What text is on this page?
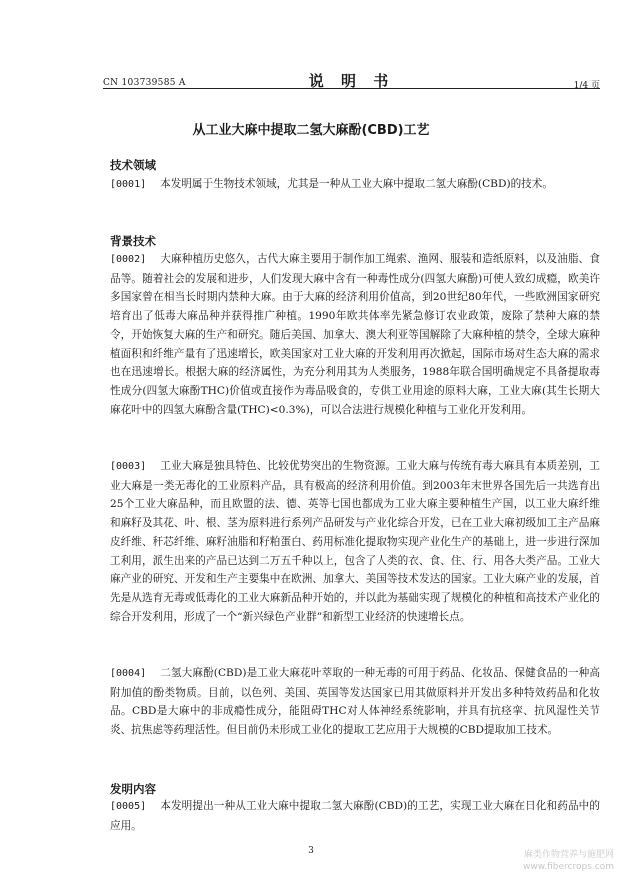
CN 103739585 A	说 明 书	1/4 页
从工业大麻中提取二氢大麻酚(CBD)工艺
技术领域
[0001] 本发明属于生物技术领域，尤其是一种从工业大麻中提取二氢大麻酚(CBD)的技术。
背景技术
[0002] 大麻种植历史悠久，古代大麻主要用于制作加工绳索、渔网、服装和造纸原料，以及油脂、食品等。随着社会的发展和进步，人们发现大麻中含有一种毒性成分(四氢大麻酚)可使人致幻成瘾，欧美许多国家曾在相当长时期内禁种大麻。由于大麻的经济利用价值高，到20世纪80年代，一些欧洲国家研究培育出了低毒大麻品种并获得推广种植。1990年欧共体率先紧急修订农业政策，废除了禁种大麻的禁令，开始恢复大麻的生产和研究。随后美国、加拿大、澳大利亚等国解除了大麻种植的禁令，全球大麻种植面积和纤维产量有了迅速增长，欧美国家对工业大麻的开发利用再次掀起，国际市场对生态大麻的需求也在迅速增长。根据大麻的经济属性，为充分利用其为人类服务，1988年联合国明确规定不具备提取毒性成分(四氢大麻酚THC)价值或直接作为毒品吸食的，专供工业用途的原料大麻，工业大麻(其生长期大麻花叶中的四氢大麻酚含量(THC)<0.3%)，可以合法进行规模化种植与工业化开发利用。
[0003] 工业大麻是独具特色、比较优势突出的生物资源。工业大麻与传统有毒大麻具有本质差别，工业大麻是一类无毒化的工业原料产品，具有极高的经济利用价值。到2003年末世界各国先后一共选育出25个工业大麻品种，而且欧盟的法、德、英等七国也都成为工业大麻主要种植生产国，以工业大麻纤维和麻籽及其花、叶、根、茎为原料进行系列产品研发与产业化综合开发，已在工业大麻初级加工主产品麻皮纤维、秆芯纤维、麻籽油脂和籽粕蛋白、药用标准化提取物实现产业化生产的基础上，进一步进行深加工利用，派生出来的产品已达到二万五千种以上，包含了人类的衣、食、住、行、用各大类产品。工业大麻产业的研究、开发和生产主要集中在欧洲、加拿大、美国等技术发达的国家。工业大麻产业的发展，首先是从选育无毒或低毒化的工业大麻新品种开始的，并以此为基础实现了规模化的种植和高技术产业化的综合开发利用，形成了一个“新兴绿色产业群”和新型工业经济的快速增长点。
[0004] 二氢大麻酚(CBD)是工业大麻花叶萃取的一种无毒的可用于药品、化妆品、保健食品的一种高附加值的酚类物质。目前，以色列、美国、英国等发达国家已用其做原料并开发出多种特效药品和化妆品。CBD是大麻中的非成瘾性成分，能阻碍THC对人体神经系统影响，并具有抗痉挛、抗风湿性关节炎、抗焦虑等药理活性。但目前仍未形成工业化的提取工艺应用于大规模的CBD提取加工技术。
发明内容
[0005] 本发明提出一种从工业大麻中提取二氢大麻酚(CBD)的工艺，实现工业大麻在日化和药品中的应用。
3	麻类作物营养与施肥网
www.fibercrops.com
